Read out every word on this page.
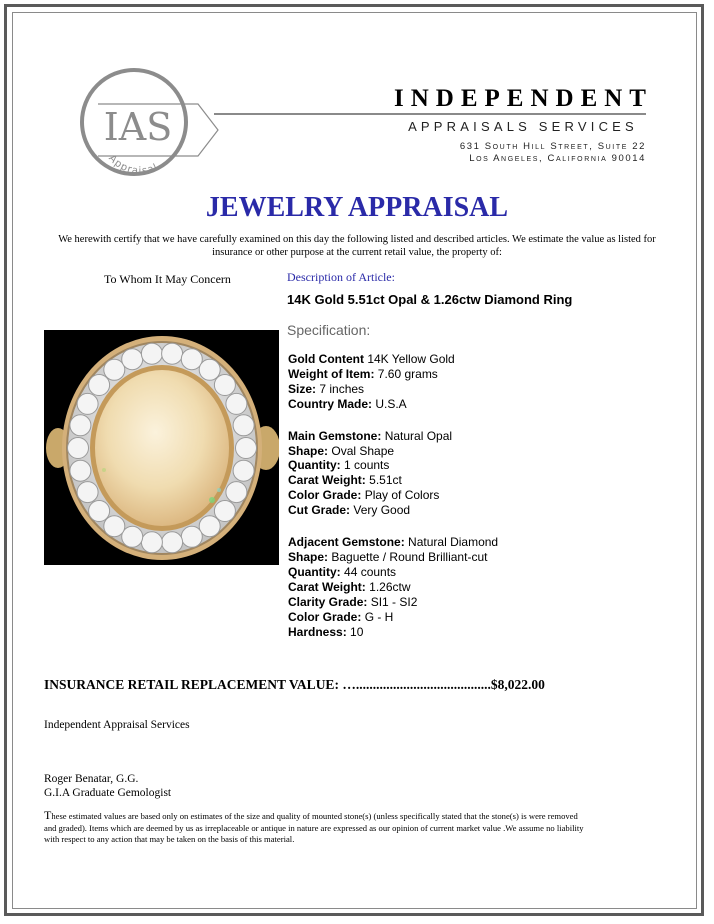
IAS
Appraisal
INDEPENDENT
APPRAISALS SERVICES
631 South Hill Street, Suite 22
Los Angeles, California 90014
JEWELRY APPRAISAL
We herewith certify that we have carefully examined on this day the following listed and described articles. We estimate the value as listed for insurance or other purpose at the current retail value, the property of:
To Whom It May Concern	Description of Article:
14K Gold 5.51ct Opal & 1.26ctw Diamond Ring
Specification:
Gold Content 14K Yellow Gold
Weight of Item: 7.60 grams
Size: 7 inches
Country Made: U.S.A
Main Gemstone: Natural Opal
Shape: Oval Shape
Quantity: 1 counts
Carat Weight: 5.51ct
Color Grade: Play of Colors
Cut Grade: Very Good
Adjacent Gemstone: Natural Diamond
Shape: Baguette / Round Brilliant-cut
Quantity: 44 counts
Carat Weight: 1.26ctw
Clarity Grade: SI1 - SI2
Color Grade: G - H
Hardness: 10
INSURANCE RETAIL REPLACEMENT VALUE: …........................................$8,022.00
Independent Appraisal Services
Roger Benatar, G.G.
G.I.A Graduate Gemologist
These estimated values are based only on estimates of the size and quality of mounted stone(s) (unless specifically stated that the stone(s) is were removed and graded). Items which are deemed by us as irreplaceable or antique in nature are expressed as our opinion of current market value .We assume no liability with respect to any action that may be taken on the basis of this material.
